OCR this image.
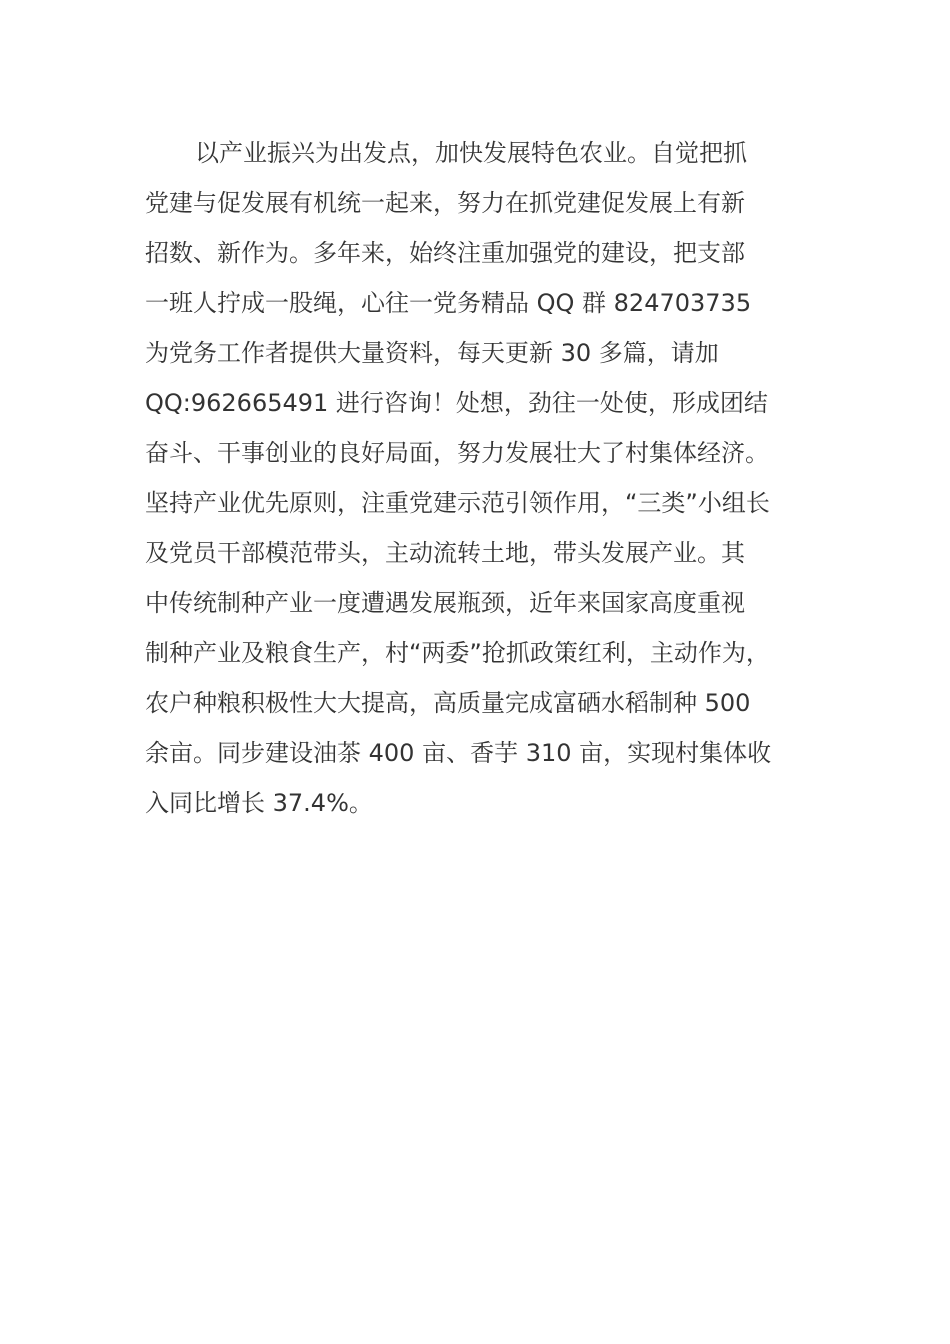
以产业振兴为出发点，加快发展特色农业。自觉把抓
党建与促发展有机统一起来，努力在抓党建促发展上有新
招数、新作为。多年来，始终注重加强党的建设，把支部
一班人拧成一股绳，心往一党务精品 QQ 群 824703735
为党务工作者提供大量资料，每天更新 30 多篇，请加
QQ:962665491 进行咨询！处想，劲往一处使，形成团结
奋斗、干事创业的良好局面，努力发展壮大了村集体经济。
坚持产业优先原则，注重党建示范引领作用，“三类”小组长
及党员干部模范带头，主动流转土地，带头发展产业。其
中传统制种产业一度遭遇发展瓶颈，近年来国家高度重视
制种产业及粮食生产，村“两委”抢抓政策红利，主动作为，
农户种粮积极性大大提高，高质量完成富硒水稻制种 500
余亩。同步建设油茶 400 亩、香芋 310 亩，实现村集体收
入同比增长 37.4%。
